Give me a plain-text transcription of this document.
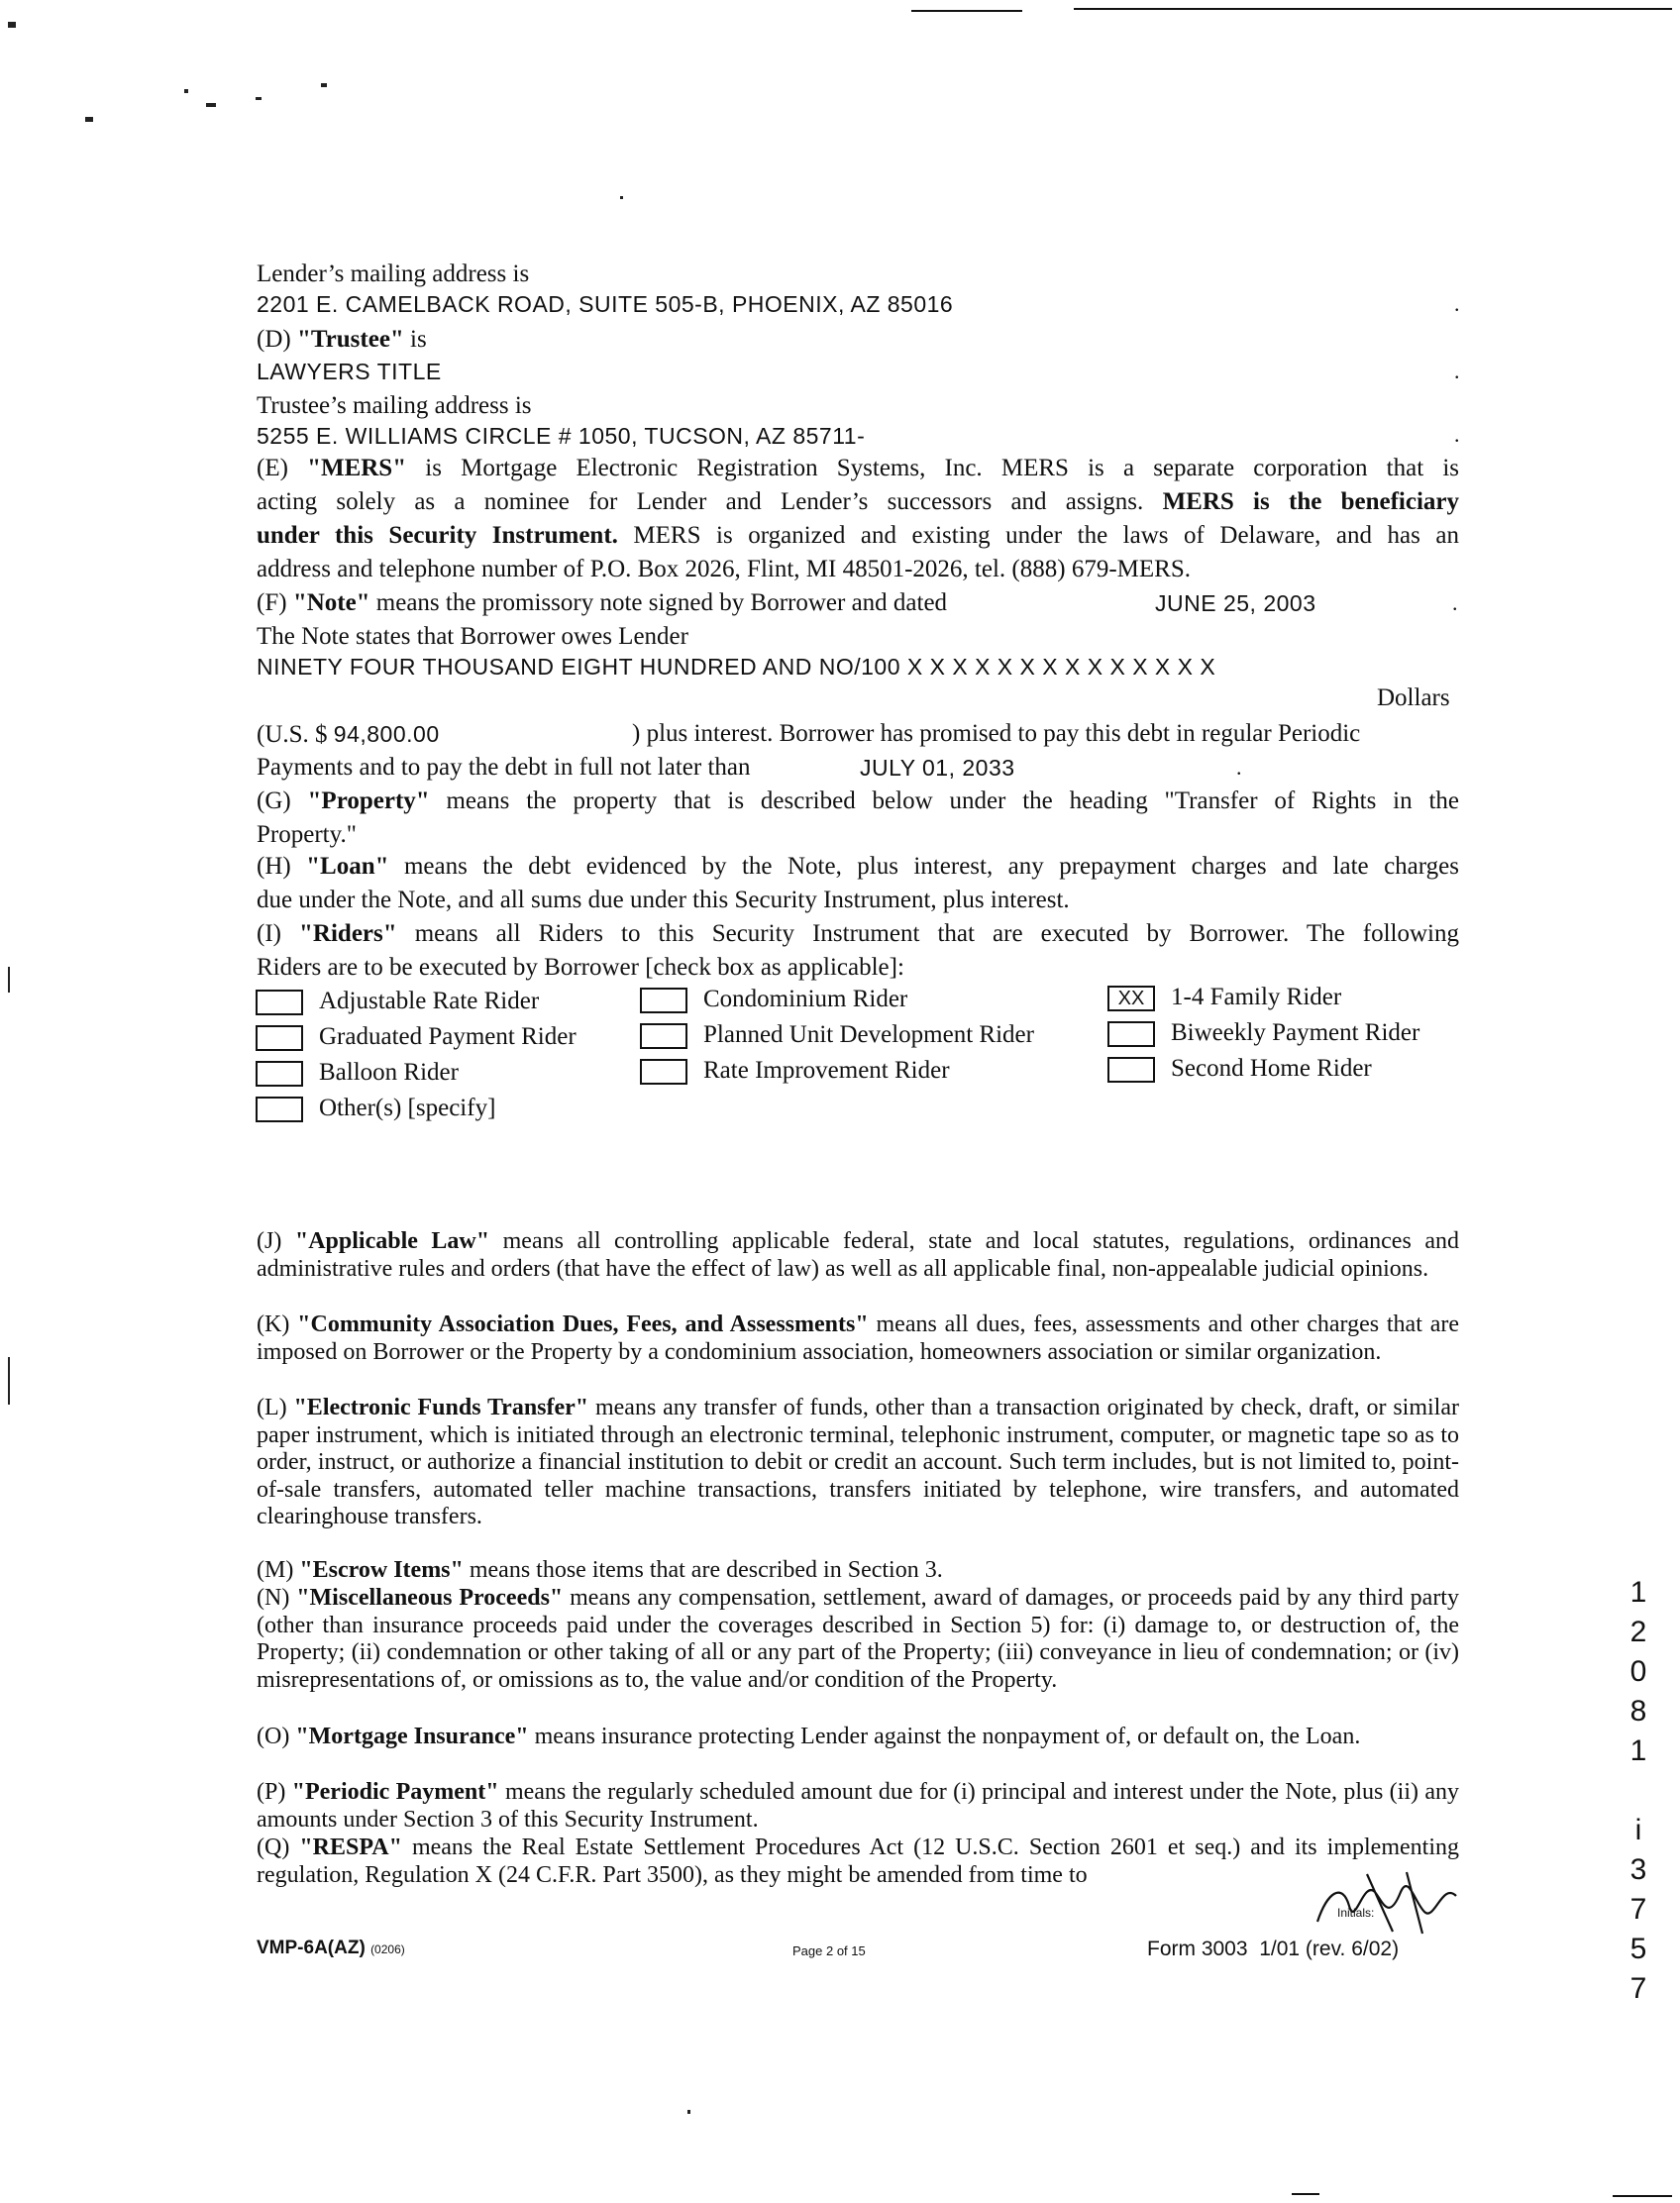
Lender’s mailing address is
2201 E. CAMELBACK ROAD, SUITE 505-B, PHOENIX, AZ 85016	.
(D) "Trustee" is
LAWYERS TITLE	.
Trustee’s mailing address is
5255 E. WILLIAMS CIRCLE # 1050, TUCSON, AZ 85711-	.
(E) "MERS" is Mortgage Electronic Registration Systems, Inc. MERS is a separate corporation that is
acting solely as a nominee for Lender and Lender’s successors and assigns. MERS is the beneficiary
under this Security Instrument. MERS is organized and existing under the laws of Delaware, and has an
address and telephone number of P.O. Box 2026, Flint, MI 48501-2026, tel. (888) 679-MERS.
(F) "Note" means the promissory note signed by Borrower and dated	JUNE 25, 2003	.
The Note states that Borrower owes Lender
NINETY FOUR THOUSAND EIGHT HUNDRED AND NO/100 X X X X X X X X X X X X X X
Dollars
(U.S. $ 94,800.00	) plus interest. Borrower has promised to pay this debt in regular Periodic
Payments and to pay the debt in full not later than	JULY 01, 2033	.
(G) "Property" means the property that is described below under the heading "Transfer of Rights in the
Property."
(H) "Loan" means the debt evidenced by the Note, plus interest, any prepayment charges and late charges
due under the Note, and all sums due under this Security Instrument, plus interest.
(I) "Riders" means all Riders to this Security Instrument that are executed by Borrower. The following
Riders are to be executed by Borrower [check box as applicable]:
Adjustable Rate Rider	Condominium Rider	XX 1-4 Family Rider
Graduated Payment Rider	Planned Unit Development Rider	Biweekly Payment Rider
Balloon Rider	Rate Improvement Rider	Second Home Rider
Other(s) [specify]
(J) "Applicable Law" means all controlling applicable federal, state and local statutes, regulations, ordinances and administrative rules and orders (that have the effect of law) as well as all applicable final, non-appealable judicial opinions.
(K) "Community Association Dues, Fees, and Assessments" means all dues, fees, assessments and other charges that are imposed on Borrower or the Property by a condominium association, homeowners association or similar organization.
(L) "Electronic Funds Transfer" means any transfer of funds, other than a transaction originated by check, draft, or similar paper instrument, which is initiated through an electronic terminal, telephonic instrument, computer, or magnetic tape so as to order, instruct, or authorize a financial institution to debit or credit an account. Such term includes, but is not limited to, point-of-sale transfers, automated teller machine transactions, transfers initiated by telephone, wire transfers, and automated clearinghouse transfers.
(M) "Escrow Items" means those items that are described in Section 3.
(N) "Miscellaneous Proceeds" means any compensation, settlement, award of damages, or proceeds paid by any third party (other than insurance proceeds paid under the coverages described in Section 5) for: (i) damage to, or destruction of, the Property; (ii) condemnation or other taking of all or any part of the Property; (iii) conveyance in lieu of condemnation; or (iv) misrepresentations of, or omissions as to, the value and/or condition of the Property.
(O) "Mortgage Insurance" means insurance protecting Lender against the nonpayment of, or default on, the Loan.
(P) "Periodic Payment" means the regularly scheduled amount due for (i) principal and interest under the Note, plus (ii) any amounts under Section 3 of this Security Instrument.
(Q) "RESPA" means the Real Estate Settlement Procedures Act (12 U.S.C. Section 2601 et seq.) and its implementing regulation, Regulation X (24 C.F.R. Part 3500), as they might be amended from time to
Initials:
VMP-6A(AZ) (0206)	Page 2 of 15	Form 3003 1/01 (rev. 6/02)
1
2
0
8
1
i
3
7
5
7
